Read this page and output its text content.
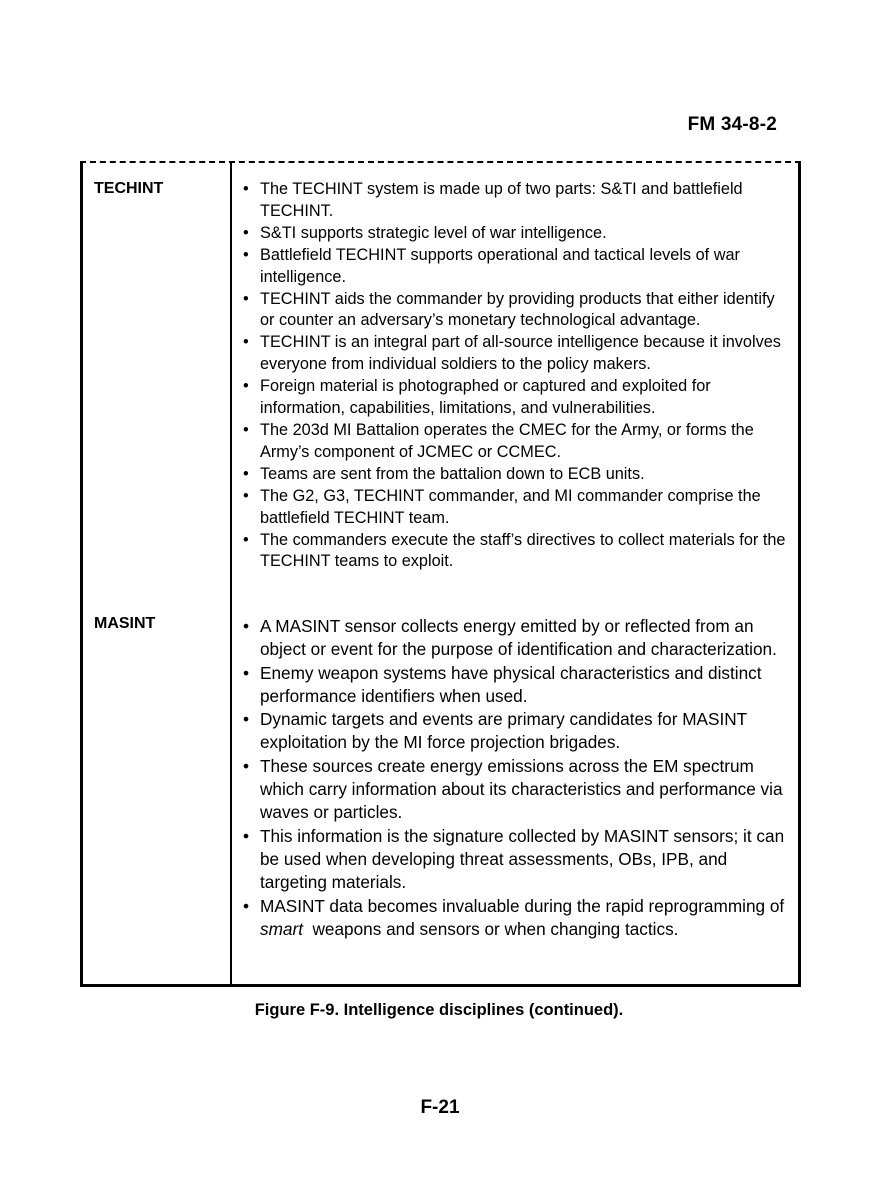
FM 34-8-2
TECHINT	• The TECHINT system is made up of two parts: S&TI and battlefield TECHINT.
• S&TI supports strategic level of war intelligence.
• Battlefield TECHINT supports operational and tactical levels of war intelligence.
• TECHINT aids the commander by providing products that either identify or counter an adversary’s monetary technological advantage.
• TECHINT is an integral part of all-source intelligence because it involves everyone from individual soldiers to the policy makers.
• Foreign material is photographed or captured and exploited for information, capabilities, limitations, and vulnerabilities.
• The 203d MI Battalion operates the CMEC for the Army, or forms the Army’s component of JCMEC or CCMEC.
• Teams are sent from the battalion down to ECB units.
• The G2, G3, TECHINT commander, and MI commander comprise the battlefield TECHINT team.
• The commanders execute the staff’s directives to collect materials for the TECHINT teams to exploit.
MASINT	• A MASINT sensor collects energy emitted by or reflected from an object or event for the purpose of identification and characterization.
• Enemy weapon systems have physical characteristics and distinct performance identifiers when used.
• Dynamic targets and events are primary candidates for MASINT exploitation by the MI force projection brigades.
• These sources create energy emissions across the EM spectrum which carry information about its characteristics and performance via waves or particles.
• This information is the signature collected by MASINT sensors; it can be used when developing threat assessments, OBs, IPB, and targeting materials.
• MASINT data becomes invaluable during the rapid reprogramming of smart  weapons and sensors or when changing tactics.
Figure F-9. Intelligence disciplines (continued).
F-21
